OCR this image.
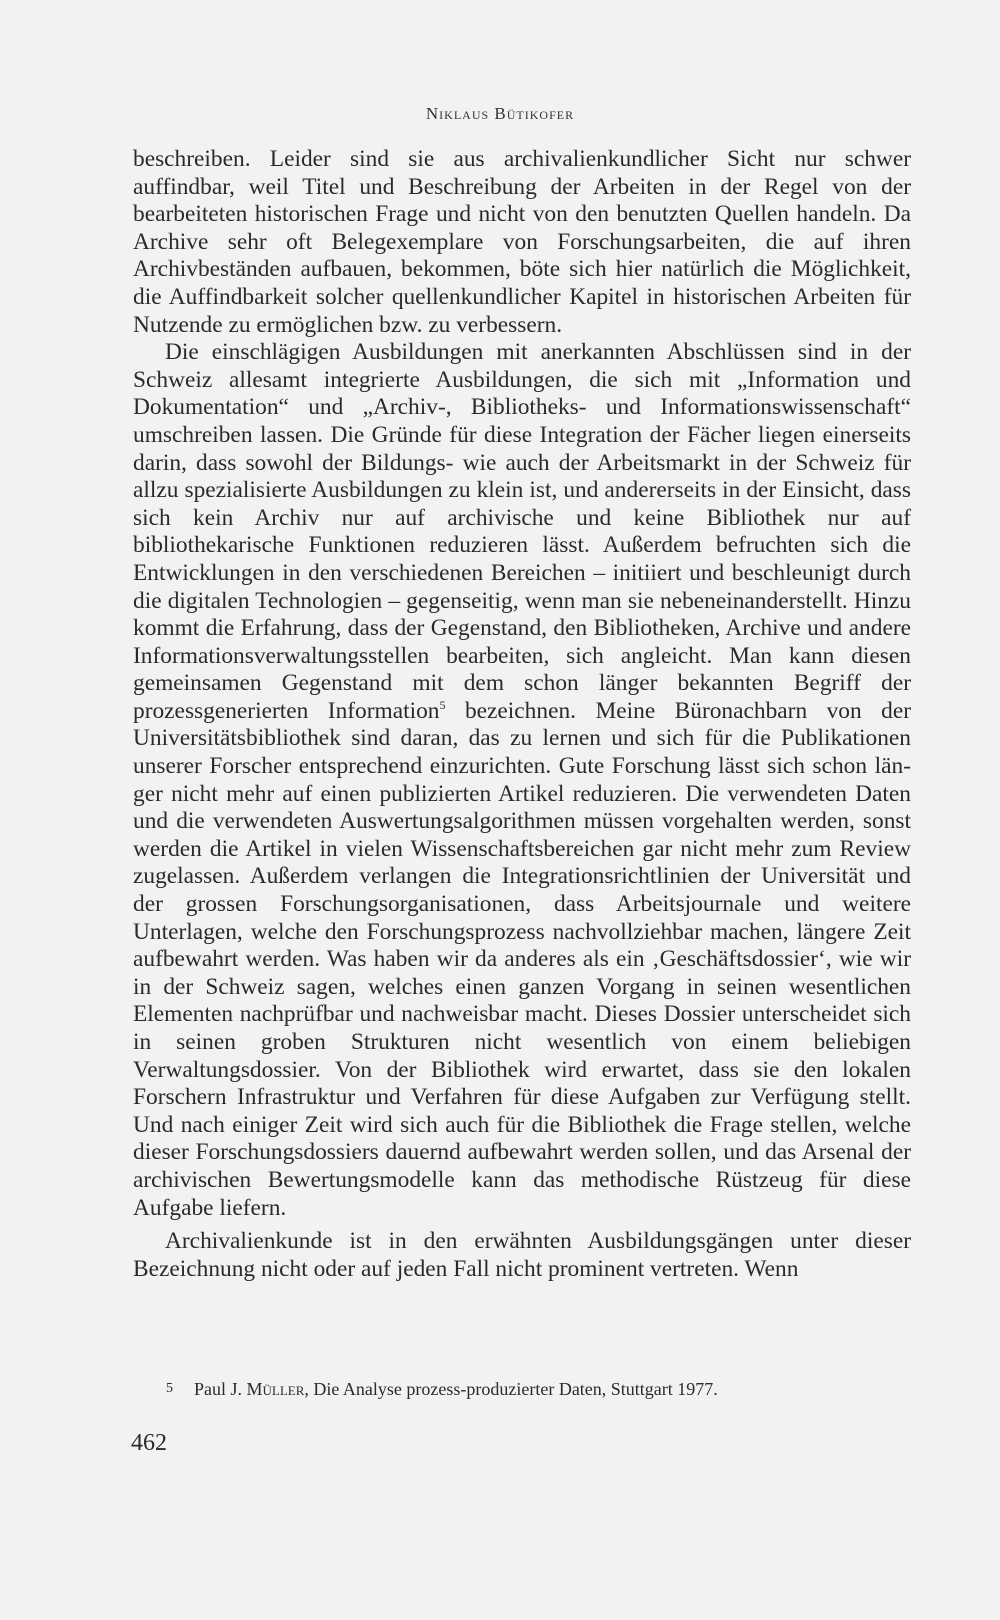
Niklaus Bütikofer

beschreiben. Leider sind sie aus archivalienkundlicher Sicht nur schwer auffindbar, weil Titel und Beschreibung der Arbeiten in der Regel von der bearbeiteten historischen Frage und nicht von den benutzten Quellen handeln. Da Archive sehr oft Belegexemplare von Forschungsarbeiten, die auf ihren Archivbeständen aufbauen, bekommen, böte sich hier natürlich die Möglichkeit, die Auffindbarkeit solcher quellenkundlicher Kapitel in historischen Arbeiten für Nutzende zu ermöglichen bzw. zu verbessern.

Die einschlägigen Ausbildungen mit anerkannten Abschlüssen sind in der Schweiz allesamt integrierte Ausbildungen, die sich mit „Information und Dokumentation“ und „Archiv-, Bibliotheks- und Informationswissenschaft“ umschreiben lassen. Die Gründe für diese Integration der Fächer liegen einerseits darin, dass sowohl der Bildungs- wie auch der Arbeitsmarkt in der Schweiz für allzu spezialisierte Ausbildungen zu klein ist, und andererseits in der Einsicht, dass sich kein Archiv nur auf archivische und keine Bibliothek nur auf bibliothekarische Funktionen reduzieren lässt. Außerdem befruchten sich die Entwicklungen in den verschiedenen Bereichen – initiiert und beschleunigt durch die digitalen Technologien – gegenseitig, wenn man sie nebeneinanderstellt. Hinzu kommt die Erfahrung, dass der Gegenstand, den Bibliotheken, Archive und andere Informationsverwaltungsstellen bearbeiten, sich angleicht. Man kann diesen gemeinsamen Gegenstand mit dem schon länger bekannten Begriff der prozessgenerierten Information$^5$ bezeichnen. Meine Büronachbarn von der Universitätsbibliothek sind daran, das zu lernen und sich für die Publikationen unserer Forscher entsprechend einzurichten. Gute Forschung lässt sich schon länger nicht mehr auf einen publizierten Artikel reduzieren. Die verwendeten Daten und die verwendeten Auswertungsalgorithmen müssen vorgehalten werden, sonst werden die Artikel in vielen Wissenschaftsbereichen gar nicht mehr zum Review zugelassen. Außerdem verlangen die Integrationsrichtlinien der Universität und der grossen Forschungsorganisationen, dass Arbeitsjournale und weitere Unterlagen, welche den Forschungsprozess nachvollziehbar machen, längere Zeit aufbewahrt werden. Was haben wir da anderes als ein ‚Geschäftsdossier‘, wie wir in der Schweiz sagen, welches einen ganzen Vorgang in seinen wesentlichen Elementen nachprüfbar und nachweisbar macht. Dieses Dossier unterscheidet sich in seinen groben Strukturen nicht wesentlich von einem beliebigen Verwaltungsdossier. Von der Bibliothek wird erwartet, dass sie den lokalen Forschern Infrastruktur und Verfahren für diese Aufgaben zur Verfügung stellt. Und nach einiger Zeit wird sich auch für die Bibliothek die Frage stellen, welche dieser Forschungsdossiers dauernd aufbewahrt werden sollen, und das Arsenal der archivischen Bewertungsmodelle kann das methodische Rüstzeug für diese Aufgabe liefern.

Archivalienkunde ist in den erwähnten Ausbildungsgängen unter dieser Bezeichnung nicht oder auf jeden Fall nicht prominent vertreten. Wenn

5 Paul J. Müller, Die Analyse prozess-produzierter Daten, Stuttgart 1977.
462
